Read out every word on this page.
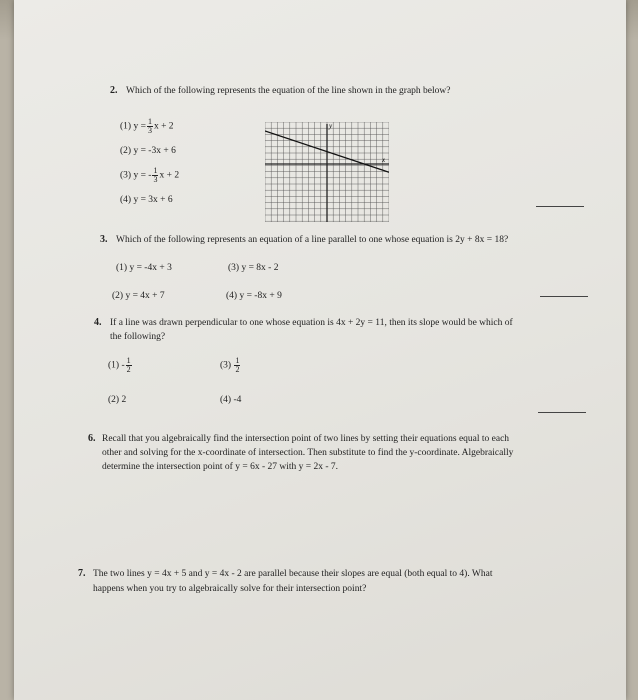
2. Which of the following represents the equation of the line shown in the graph below?
(1) $y = \frac{1}{3}$ x + 2
(2) y = -3x + 6
(3) y = - $\frac{1}{3}$ x + 2
(4) y = 3x + 6
y
x
3. Which of the following represents an equation of a line parallel to one whose equation is 2y + 8x = 18?
(1) y = -4x + 3	(3) y = 8x - 2
(2) y = 4x + 7	(4) y = -8x + 9
4. If a line was drawn perpendicular to one whose equation is 4x + 2y = 11, then its slope would be which of
the following?
$(1) - \frac{1}{2}$	$(3) \frac{1}{2}$
(2) 2	(4) -4
6. Recall that you algebraically find the intersection point of two lines by setting their equations equal to each
other and solving for the x-coordinate of intersection. Then substitute to find the y-coordinate. Algebraically
determine the intersection point of y = 6x - 27 with y = 2x - 7.
7. The two lines y = 4x + 5 and y = 4x - 2 are parallel because their slopes are equal (both equal to 4). What
happens when you try to algebraically solve for their intersection point?
